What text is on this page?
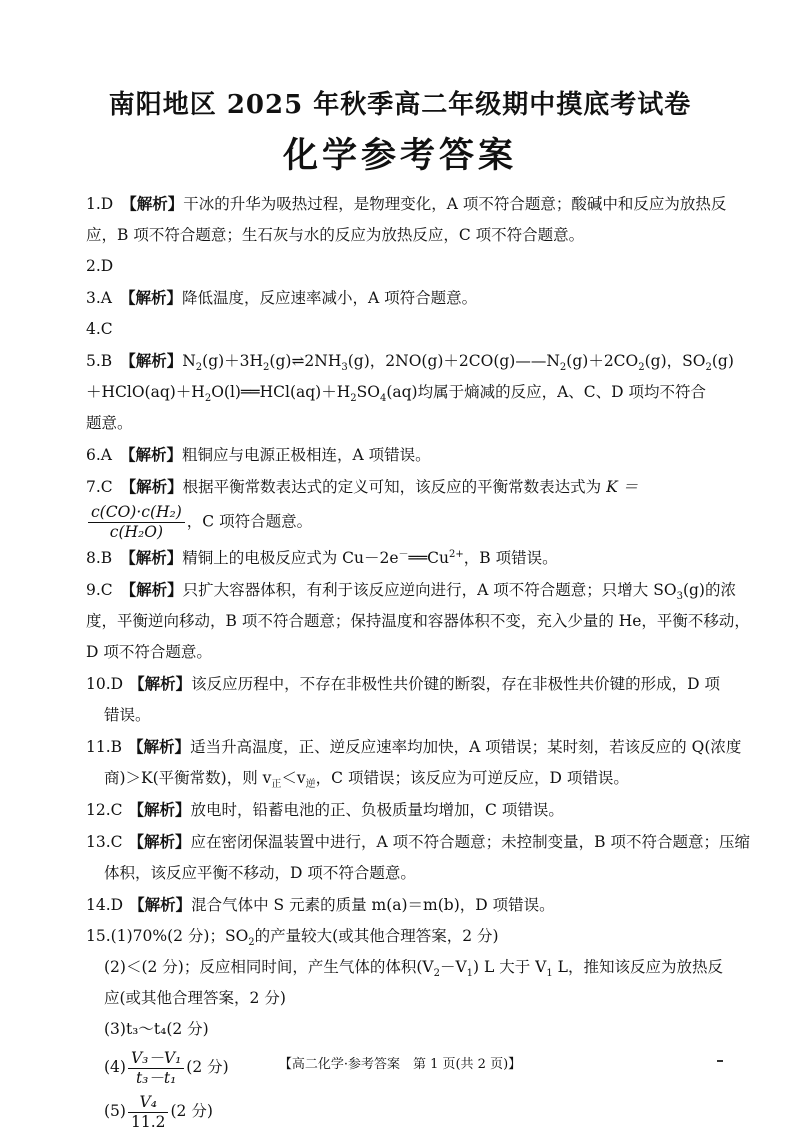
南阳地区 2025 年秋季高二年级期中摸底考试卷
化学参考答案
1.D 【解析】干冰的升华为吸热过程，是物理变化，A 项不符合题意；酸碱中和反应为放热反
应，B 项不符合题意；生石灰与水的反应为放热反应，C 项不符合题意。
2.D
3.A 【解析】降低温度，反应速率减小，A 项符合题意。
4.C
5.B 【解析】$N_2(g)+3H_2(g)\rightleftharpoons 2NH_3(g)$，$2NO(g)+2CO(g)——N_2(g)+2CO_2(g)$，$SO_2(g)$
$+HClO(aq)+H_2O(l)══HCl(aq)+H_2SO_4(aq)$均属于熵减的反应，A、C、D 项均不符合
题意。
6.A 【解析】粗铜应与电源正极相连，A 项错误。
7.C 【解析】根据平衡常数表达式的定义可知，该反应的平衡常数表达式为 K ＝
$\frac{\text{c(CO)·c(H₂)}}{\text{c(H₂O)}}$ ，C 项符合题意。
8.B 【解析】精铜上的电极反应式为 $Cu-2e^-══Cu^{2+}$，B 项错误。
9.C 【解析】只扩大容器体积，有利于该反应逆向进行，A 项不符合题意；只增大 $SO_3(g)$的浓
度，平衡逆向移动，B 项不符合题意；保持温度和容器体积不变，充入少量的 He，平衡不移动，
D 项不符合题意。
10.D 【解析】该反应历程中，不存在非极性共价键的断裂，存在非极性共价键的形成，D 项
错误。
11.B 【解析】适当升高温度，正、逆反应速率均加快，A 项错误；某时刻，若该反应的 Q(浓度
商)＞K(平衡常数)，则 $v_正<v_逆$，C 项错误；该反应为可逆反应，D 项错误。
12.C 【解析】放电时，铅蓄电池的正、负极质量均增加，C 项错误。
13.C 【解析】应在密闭保温装置中进行，A 项不符合题意；未控制变量，B 项不符合题意；压缩
体积，该反应平衡不移动，D 项不符合题意。
14.D 【解析】混合气体中 S 元素的质量 m(a)＝m(b)，D 项错误。
15.(1)70%(2 分)；$SO_2$的产量较大(或其他合理答案，2 分)
(2)＜(2 分)；反应相同时间，产生气体的体积$(V_2-V_1)$ L 大于 $V_1$ L，推知该反应为放热反
应(或其他合理答案，2 分)
(3)t₃～t₄(2 分)
$(4) \frac{\text{V₃－V₁}}{\text{t₃－t₁}} (2$ 分)
$(5) \frac{\text{V₄}}{11.2} (2$ 分)
【高二化学·参考答案　第 1 页(共 2 页)】
